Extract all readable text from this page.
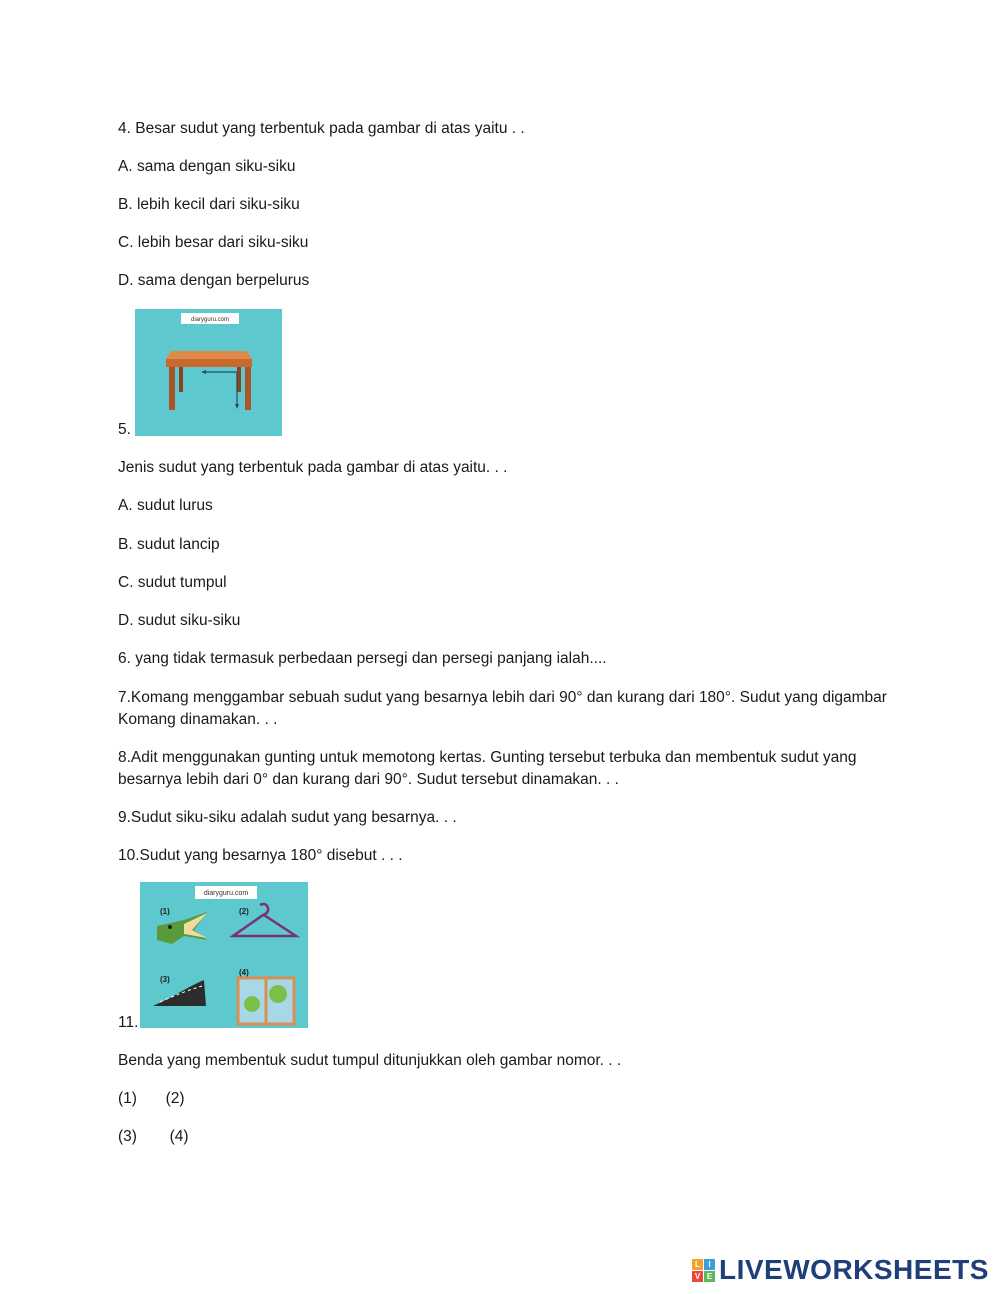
4. Besar sudut yang terbentuk pada gambar di atas yaitu . .
A. sama dengan siku-siku
B. lebih kecil dari siku-siku
C. lebih besar dari siku-siku
D. sama dengan berpelurus
5.
diaryguru.com
Jenis sudut yang terbentuk pada gambar di atas yaitu. . .
A. sudut lurus
B. sudut lancip
C. sudut tumpul
D. sudut siku-siku
6. yang tidak termasuk perbedaan persegi dan persegi panjang ialah....
7.Komang menggambar sebuah sudut yang besarnya lebih dari 90° dan kurang dari 180°. Sudut yang digambar Komang dinamakan. . .
8.Adit menggunakan gunting untuk memotong kertas. Gunting tersebut terbuka dan membentuk sudut yang besarnya lebih dari 0° dan kurang dari 90°. Sudut tersebut dinamakan. . .
9.Sudut siku-siku adalah sudut yang besarnya. . .
10.Sudut yang besarnya 180° disebut . . .
11.
diaryguru.com
(1)	(2)
(3)
(4)
Benda yang membentuk sudut tumpul ditunjukkan oleh gambar nomor. . .
(1) (2)
(3) (4)
L	I
V E LIVEWORKSHEETS
